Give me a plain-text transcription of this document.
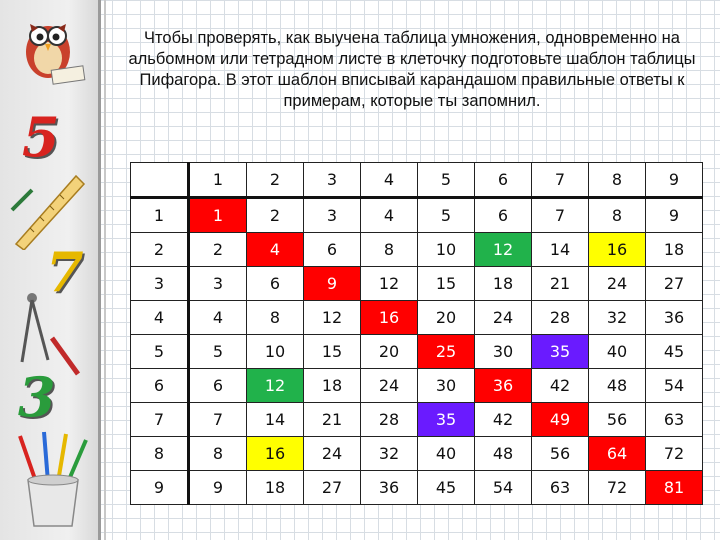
5
7
3
Чтобы проверять, как выучена таблица умножения, одновременно на альбомном или тетрадном листе в клеточку подготовьте шаблон таблицы Пифагора. В этот шаблон вписывай карандашом правильные ответы к примерам, которые ты запомнил.
	1	2	3	4	5	6	7	8	9
1	1	2	3	4	5	6	7	8	9
2	2	4	6	8	10	12	14	16	18
3	3	6	9	12	15	18	21	24	27
4	4	8	12	16	20	24	28	32	36
5	5	10	15	20	25	30	35	40	45
6	6	12	18	24	30	36	42	48	54
7	7	14	21	28	35	42	49	56	63
8	8	16	24	32	40	48	56	64	72
9	9	18	27	36	45	54	63	72	81
